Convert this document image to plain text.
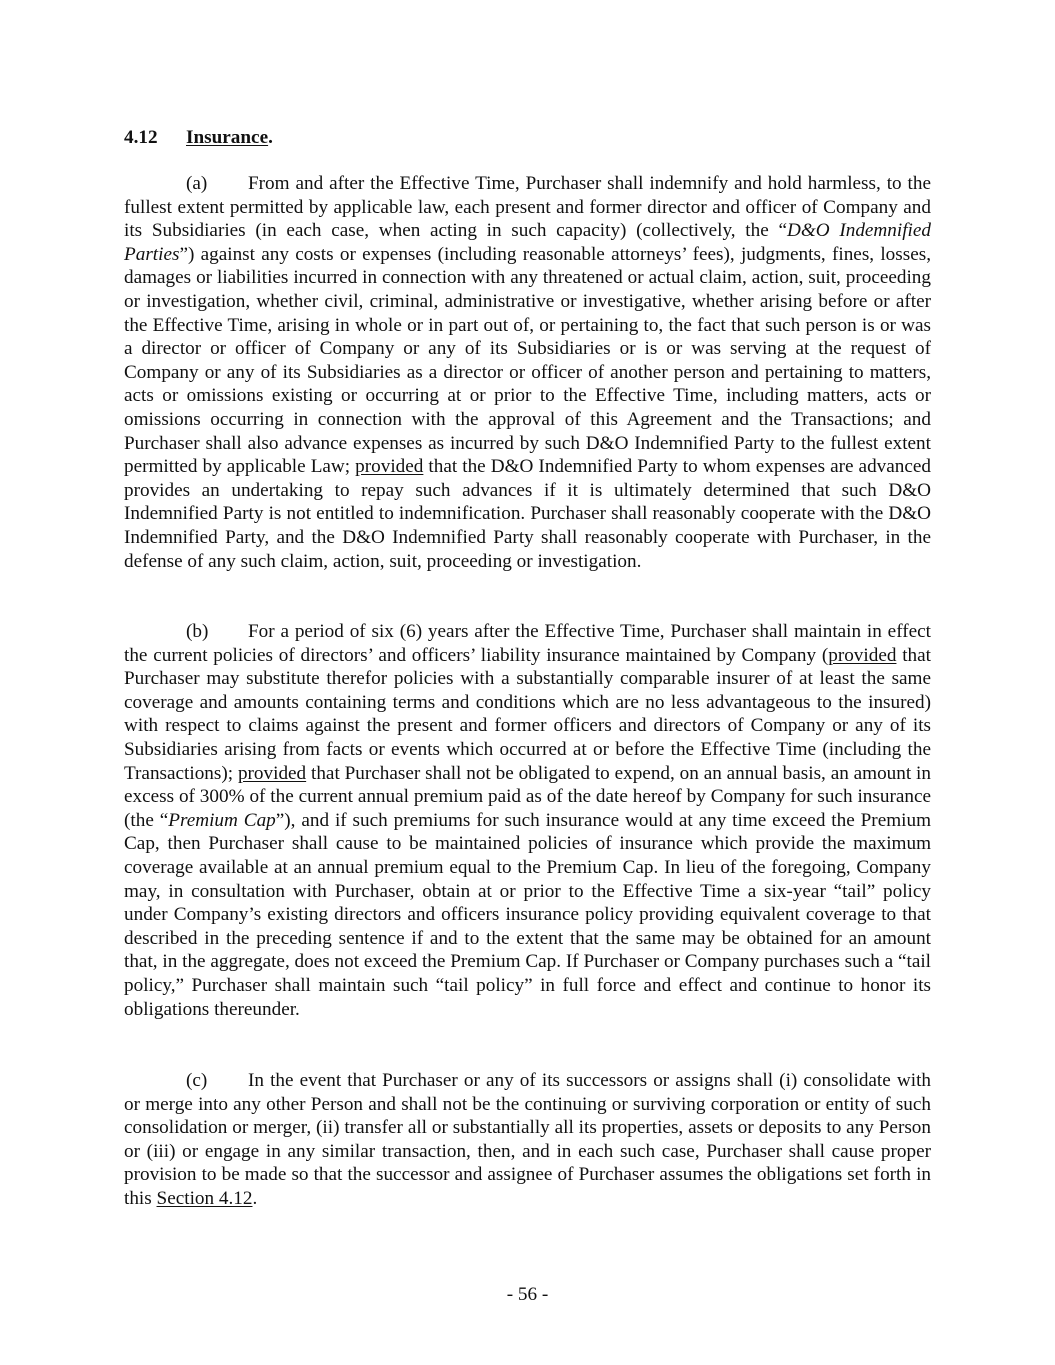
4.12 Insurance.

(a) From and after the Effective Time, Purchaser shall indemnify and hold harmless, to the fullest extent permitted by applicable law, each present and former director and officer of Company and its Subsidiaries (in each case, when acting in such capacity) (collectively, the “D&O Indemnified Parties”) against any costs or expenses (including reasonable attorneys’ fees), judgments, fines, losses, damages or liabilities incurred in connection with any threatened or actual claim, action, suit, proceeding or investigation, whether civil, criminal, administrative or investigative, whether arising before or after the Effective Time, arising in whole or in part out of, or pertaining to, the fact that such person is or was a director or officer of Company or any of its Subsidiaries or is or was serving at the request of Company or any of its Subsidiaries as a director or officer of another person and pertaining to matters, acts or omissions existing or occurring at or prior to the Effective Time, including matters, acts or omissions occurring in connection with the approval of this Agreement and the Transactions; and Purchaser shall also advance expenses as incurred by such D&O Indemnified Party to the fullest extent permitted by applicable Law; provided that the D&O Indemnified Party to whom expenses are advanced provides an undertaking to repay such advances if it is ultimately determined that such D&O Indemnified Party is not entitled to indemnification. Purchaser shall reasonably cooperate with the D&O Indemnified Party, and the D&O Indemnified Party shall reasonably cooperate with Purchaser, in the defense of any such claim, action, suit, proceeding or investigation.

(b) For a period of six (6) years after the Effective Time, Purchaser shall maintain in effect the current policies of directors’ and officers’ liability insurance maintained by Company (provided that Purchaser may substitute therefor policies with a substantially comparable insurer of at least the same coverage and amounts containing terms and conditions which are no less advantageous to the insured) with respect to claims against the present and former officers and directors of Company or any of its Subsidiaries arising from facts or events which occurred at or before the Effective Time (including the Transactions); provided that Purchaser shall not be obligated to expend, on an annual basis, an amount in excess of 300% of the current annual premium paid as of the date hereof by Company for such insurance (the “Premium Cap”), and if such premiums for such insurance would at any time exceed the Premium Cap, then Purchaser shall cause to be maintained policies of insurance which provide the maximum coverage available at an annual premium equal to the Premium Cap. In lieu of the foregoing, Company may, in consultation with Purchaser, obtain at or prior to the Effective Time a six-year “tail” policy under Company’s existing directors and officers insurance policy providing equivalent coverage to that described in the preceding sentence if and to the extent that the same may be obtained for an amount that, in the aggregate, does not exceed the Premium Cap. If Purchaser or Company purchases such a “tail policy,” Purchaser shall maintain such “tail policy” in full force and effect and continue to honor its obligations thereunder.

(c) In the event that Purchaser or any of its successors or assigns shall (i) consolidate with or merge into any other Person and shall not be the continuing or surviving corporation or entity of such consolidation or merger, (ii) transfer all or substantially all its properties, assets or deposits to any Person or (iii) or engage in any similar transaction, then, and in each such case, Purchaser shall cause proper provision to be made so that the successor and assignee of Purchaser assumes the obligations set forth in this Section 4.12.

- 56 -
